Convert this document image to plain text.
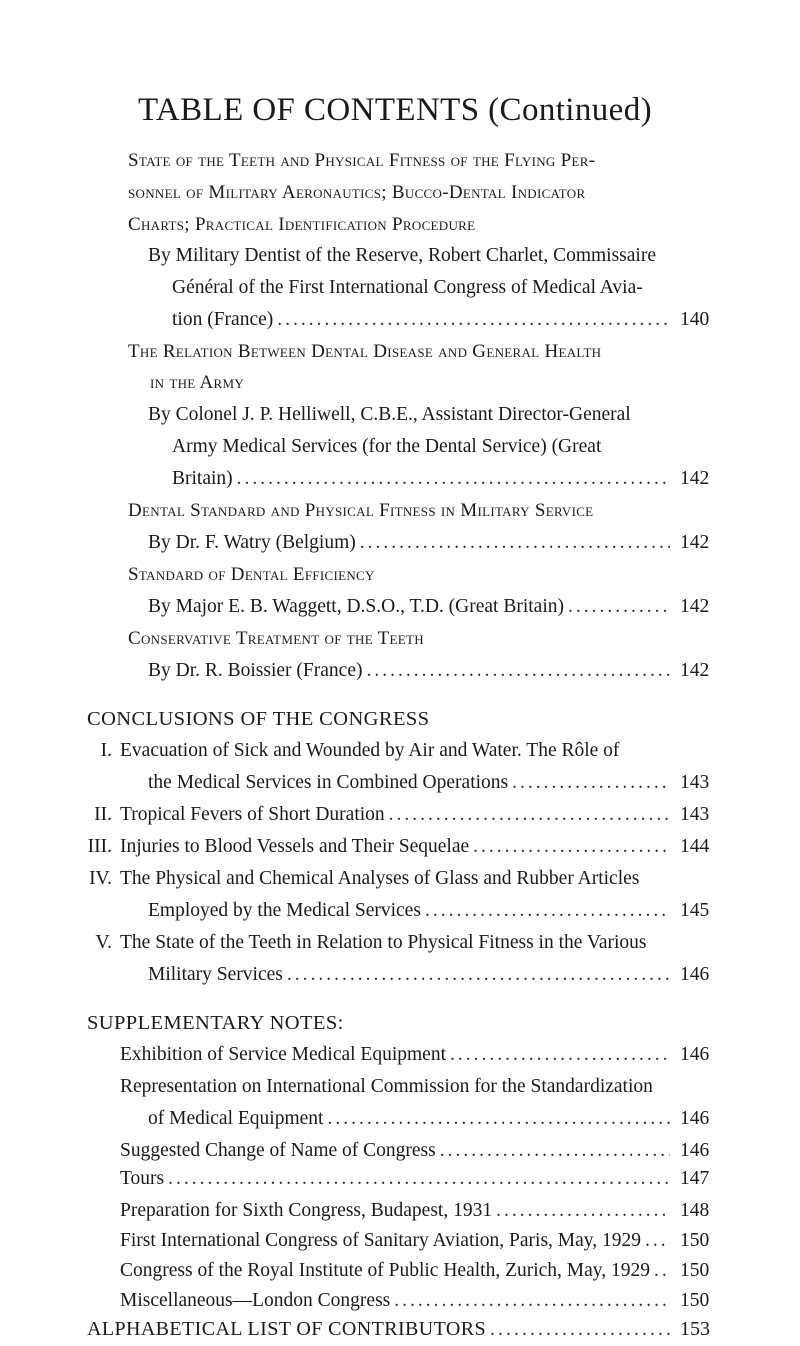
TABLE OF CONTENTS (Continued)
State of the Teeth and Physical Fitness of the Flying Per-
sonnel of Military Aeronautics; Bucco-Dental Indicator
Charts; Practical Identification Procedure
By Military Dentist of the Reserve, Robert Charlet, Commissaire
Général of the First International Congress of Medical Avia-
tion (France) .....	140
The Relation Between Dental Disease and General Health
in the Army
By Colonel J. P. Helliwell, C.B.E., Assistant Director-General
Army Medical Services (for the Dental Service) (Great
Britain) .....	142
Dental Standard and Physical Fitness in Military Service
By Dr. F. Watry (Belgium) .....	142
Standard of Dental Efficiency
By Major E. B. Waggett, D.S.O., T.D. (Great Britain) .....	142
Conservative Treatment of the Teeth
By Dr. R. Boissier (France) .....	142
CONCLUSIONS OF THE CONGRESS
I. Evacuation of Sick and Wounded by Air and Water. The Rôle of
the Medical Services in Combined Operations .....	143
II. Tropical Fevers of Short Duration .....	143
III. Injuries to Blood Vessels and Their Sequelae .....	144
IV. The Physical and Chemical Analyses of Glass and Rubber Articles
Employed by the Medical Services .....	145
V. The State of the Teeth in Relation to Physical Fitness in the Various
Military Services .....	146
SUPPLEMENTARY NOTES:
Exhibition of Service Medical Equipment .....	146
Representation on International Commission for the Standardization
of Medical Equipment .....	146
Suggested Change of Name of Congress .....	146
Tours .....	147
Preparation for Sixth Congress, Budapest, 1931 .....	148
First International Congress of Sanitary Aviation, Paris, May, 1929 ..... 150
Congress of the Royal Institute of Public Health, Zurich, May, 1929 ..... 150
Miscellaneous—London Congress .....	150
ALPHABETICAL LIST OF CONTRIBUTORS .....	153
